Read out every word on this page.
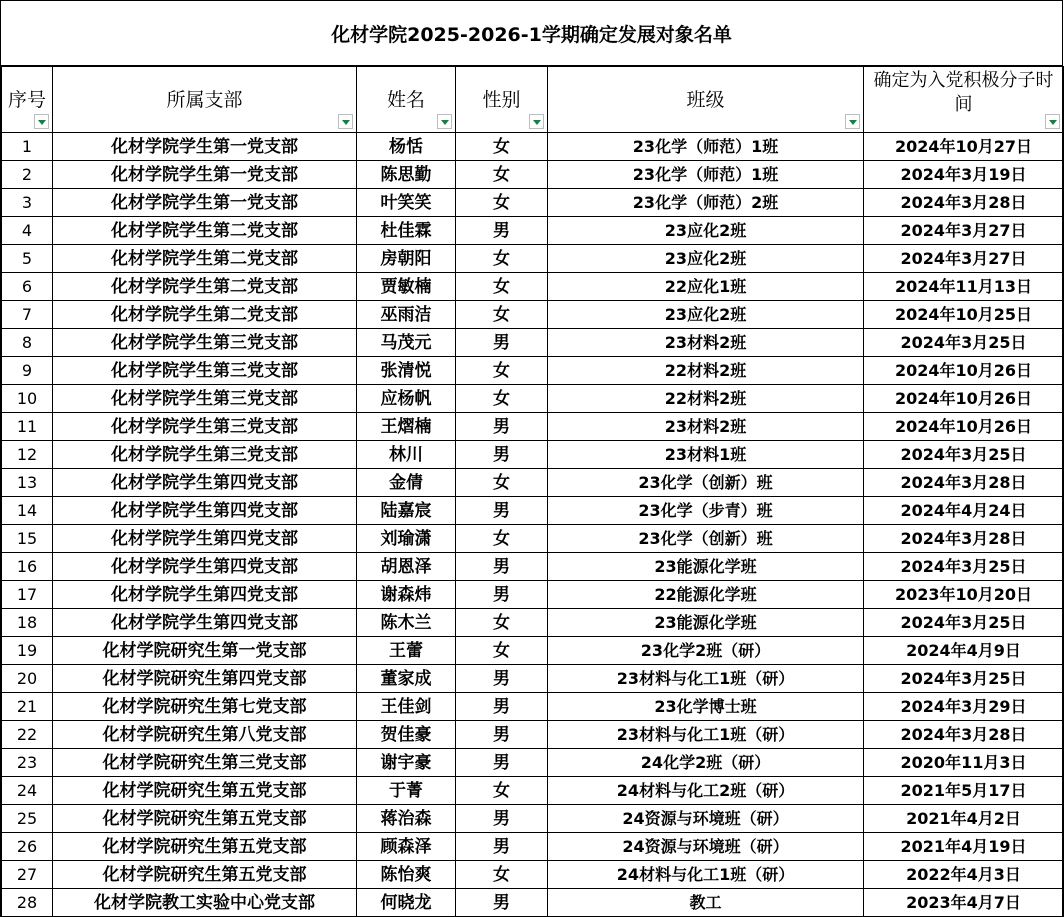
化材学院2025-2026-1学期确定发展对象名单
序号	所属支部	姓名	性别	班级	确定为入党积极分子时间

1	化材学院学生第一党支部	杨恬	女	23化学（师范）1班	2024年10月27日
2	化材学院学生第一党支部	陈思勤	女	23化学（师范）1班	2024年3月19日
3	化材学院学生第一党支部	叶笑笑	女	23化学（师范）2班	2024年3月28日
4	化材学院学生第二党支部	杜佳霖	男	23应化2班	2024年3月27日
5	化材学院学生第二党支部	房朝阳	女	23应化2班	2024年3月27日
6	化材学院学生第二党支部	贾敏楠	女	22应化1班	2024年11月13日
7	化材学院学生第二党支部	巫雨洁	女	23应化2班	2024年10月25日
8	化材学院学生第三党支部	马茂元	男	23材料2班	2024年3月25日
9	化材学院学生第三党支部	张清悦	女	22材料2班	2024年10月26日
10	化材学院学生第三党支部	应杨帆	女	22材料2班	2024年10月26日
11	化材学院学生第三党支部	王熠楠	男	23材料2班	2024年10月26日
12	化材学院学生第三党支部	林川	男	23材料1班	2024年3月25日
13	化材学院学生第四党支部	金倩	女	23化学（创新）班	2024年3月28日
14	化材学院学生第四党支部	陆嘉宸	男	23化学（步青）班	2024年4月24日
15	化材学院学生第四党支部	刘瑜潇	女	23化学（创新）班	2024年3月28日
16	化材学院学生第四党支部	胡恩泽	男	23能源化学班	2024年3月25日
17	化材学院学生第四党支部	谢森炜	男	22能源化学班	2023年10月20日
18	化材学院学生第四党支部	陈木兰	女	23能源化学班	2024年3月25日
19	化材学院研究生第一党支部	王蕾	女	23化学2班（研）	2024年4月9日
20	化材学院研究生第四党支部	董家成	男	23材料与化工1班（研）	2024年3月25日
21	化材学院研究生第七党支部	王佳剑	男	23化学博士班	2024年3月29日
22	化材学院研究生第八党支部	贺佳豪	男	23材料与化工1班（研）	2024年3月28日
23	化材学院研究生第三党支部	谢宇豪	男	24化学2班（研）	2020年11月3日
24	化材学院研究生第五党支部	于菁	女	24材料与化工2班（研）	2021年5月17日
25	化材学院研究生第五党支部	蒋治森	男	24资源与环境班（研）	2021年4月2日
26	化材学院研究生第五党支部	顾森泽	男	24资源与环境班（研）	2021年4月19日
27	化材学院研究生第五党支部	陈怡爽	女	24材料与化工1班（研）	2022年4月3日
28	化材学院教工实验中心党支部	何晓龙	男	教工	2023年4月7日
